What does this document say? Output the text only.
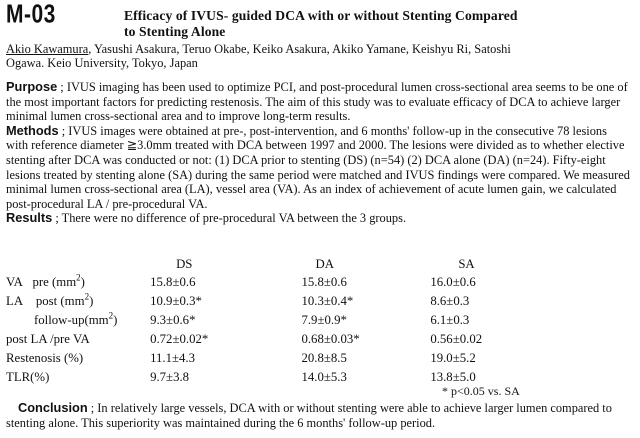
M-03	Efficacy of IVUS- guided DCA with or without Stenting Compared
to Stenting Alone
Akio Kawamura, Yasushi Asakura, Teruo Okabe, Keiko Asakura, Akiko Yamane, Keishyu Ri, Satoshi
Ogawa. Keio University, Tokyo, Japan

Purpose ; IVUS imaging has been used to optimize PCI, and post-procedural lumen cross-sectional area seems to be one of the most important factors for predicting restenosis. The aim of this study was to evaluate efficacy of DCA to achieve larger minimal lumen cross-sectional area and to improve long-term results.

Methods ; IVUS images were obtained at pre-, post-intervention, and 6 months' follow-up in the consecutive 78 lesions with reference diameter ≧3.0mm treated with DCA between 1997 and 2000. The lesions were divided as to whether elective stenting after DCA was conducted or not: (1) DCA prior to stenting (DS) (n=54) (2) DCA alone (DA) (n=24). Fifty-eight lesions treated by stenting alone (SA) during the same period were matched and IVUS findings were compared. We measured minimal lumen cross-sectional area (LA), vessel area (VA). As an index of achievement of acute lumen gain, we calculated post-procedural LA / pre-procedural VA.

Results ; There were no difference of pre-procedural VA between the 3 groups.

	DS	DA	SA
VA pre $(mm^2)$	15.8±0.6	15.8±0.6	16.0±0.6
LA post $(mm^2)$	10.9±0.3*	10.3±0.4*	8.6±0.3
follow-$up(mm^2)$	9.3±0.6*	7.9±0.9*	6.1±0.3
post LA /pre VA	0.72±0.02*	0.68±0.03*	0.56±0.02
Restenosis (%)	11.1±4.3	20.8±8.5	19.0±5.2
TLR(%)	9.7±3.8	14.0±5.3	13.8±5.0
* p<0.05 vs. SA

Conclusion ; In relatively large vessels, DCA with or without stenting were able to achieve larger lumen compared to stenting alone. This superiority was maintained during the 6 months' follow-up period.
